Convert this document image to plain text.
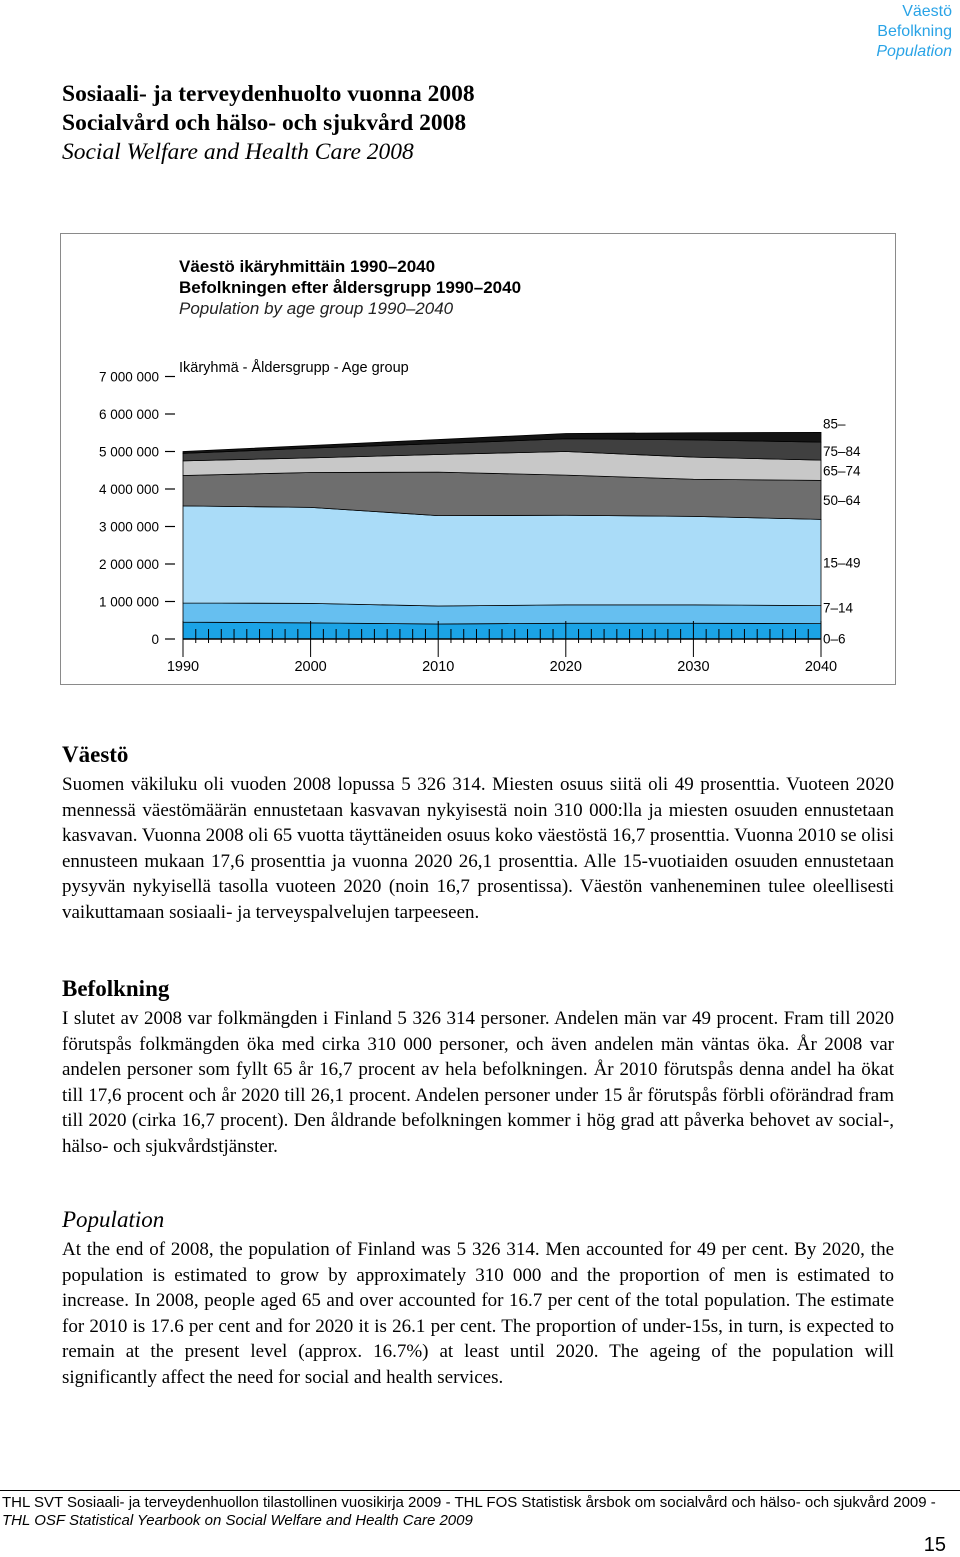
Väestö
Befolkning
Population
Sosiaali- ja terveydenhuolto vuonna 2008
Socialvård och hälso- och sjukvård 2008
Social Welfare and Health Care 2008
Väestö ikäryhmittäin 1990–2040
Befolkningen efter åldersgrupp 1990–2040
Population by age group 1990–2040
7 000 000
6 000 000
5 000 000
4 000 000
3 000 000
2 000 000
1 000 000
0
Ikäryhmä - Åldersgrupp - Age group
0–6
7–14
15–49
50–64
65–74
75–84
85–
1990	2000	2010	2020	2030	2040
Väestö

Suomen väkiluku oli vuoden 2008 lopussa 5 326 314. Miesten osuus siitä oli 49 prosenttia. Vuoteen 2020 mennessä väestömäärän ennustetaan kasvavan nykyisestä noin 310 000:lla ja miesten osuuden ennustetaan kasvavan. Vuonna 2008 oli 65 vuotta täyttäneiden osuus koko väestöstä 16,7 prosenttia. Vuonna 2010 se olisi ennusteen mukaan 17,6 prosenttia ja vuonna 2020 26,1 prosenttia. Alle 15-vuotiaiden osuuden ennustetaan pysyvän nykyisellä tasolla vuoteen 2020 (noin 16,7 prosentissa). Väestön vanheneminen tulee oleellisesti vaikuttamaan sosiaali- ja terveyspalvelujen tarpeeseen.

Befolkning

I slutet av 2008 var folkmängden i Finland 5 326 314 personer. Andelen män var 49 procent. Fram till 2020 förutspås folkmängden öka med cirka 310 000 personer, och även andelen män väntas öka. År 2008 var andelen personer som fyllt 65 år 16,7 procent av hela befolkningen. År 2010 förutspås denna andel ha ökat till 17,6 procent och år 2020 till 26,1 procent. Andelen personer under 15 år förutspås förbli oförändrad fram till 2020 (cirka 16,7 procent). Den åldrande befolkningen kommer i hög grad att påverka behovet av social-, hälso- och sjukvårdstjänster.

Population

At the end of 2008, the population of Finland was 5 326 314. Men accounted for 49 per cent. By 2020, the population is estimated to grow by approximately 310 000 and the proportion of men is estimated to increase. In 2008, people aged 65 and over accounted for 16.7 per cent of the total population. The estimate for 2010 is 17.6 per cent and for 2020 it is 26.1 per cent. The proportion of under-15s, in turn, is expected to remain at the present level (approx. 16.7%) at least until 2020. The ageing of the population will significantly affect the need for social and health services.

THL SVT Sosiaali- ja terveydenhuollon tilastollinen vuosikirja 2009 - THL FOS Statistisk årsbok om socialvård och hälso- och sjukvård 2009 -
THL OSF Statistical Yearbook on Social Welfare and Health Care 2009
15
